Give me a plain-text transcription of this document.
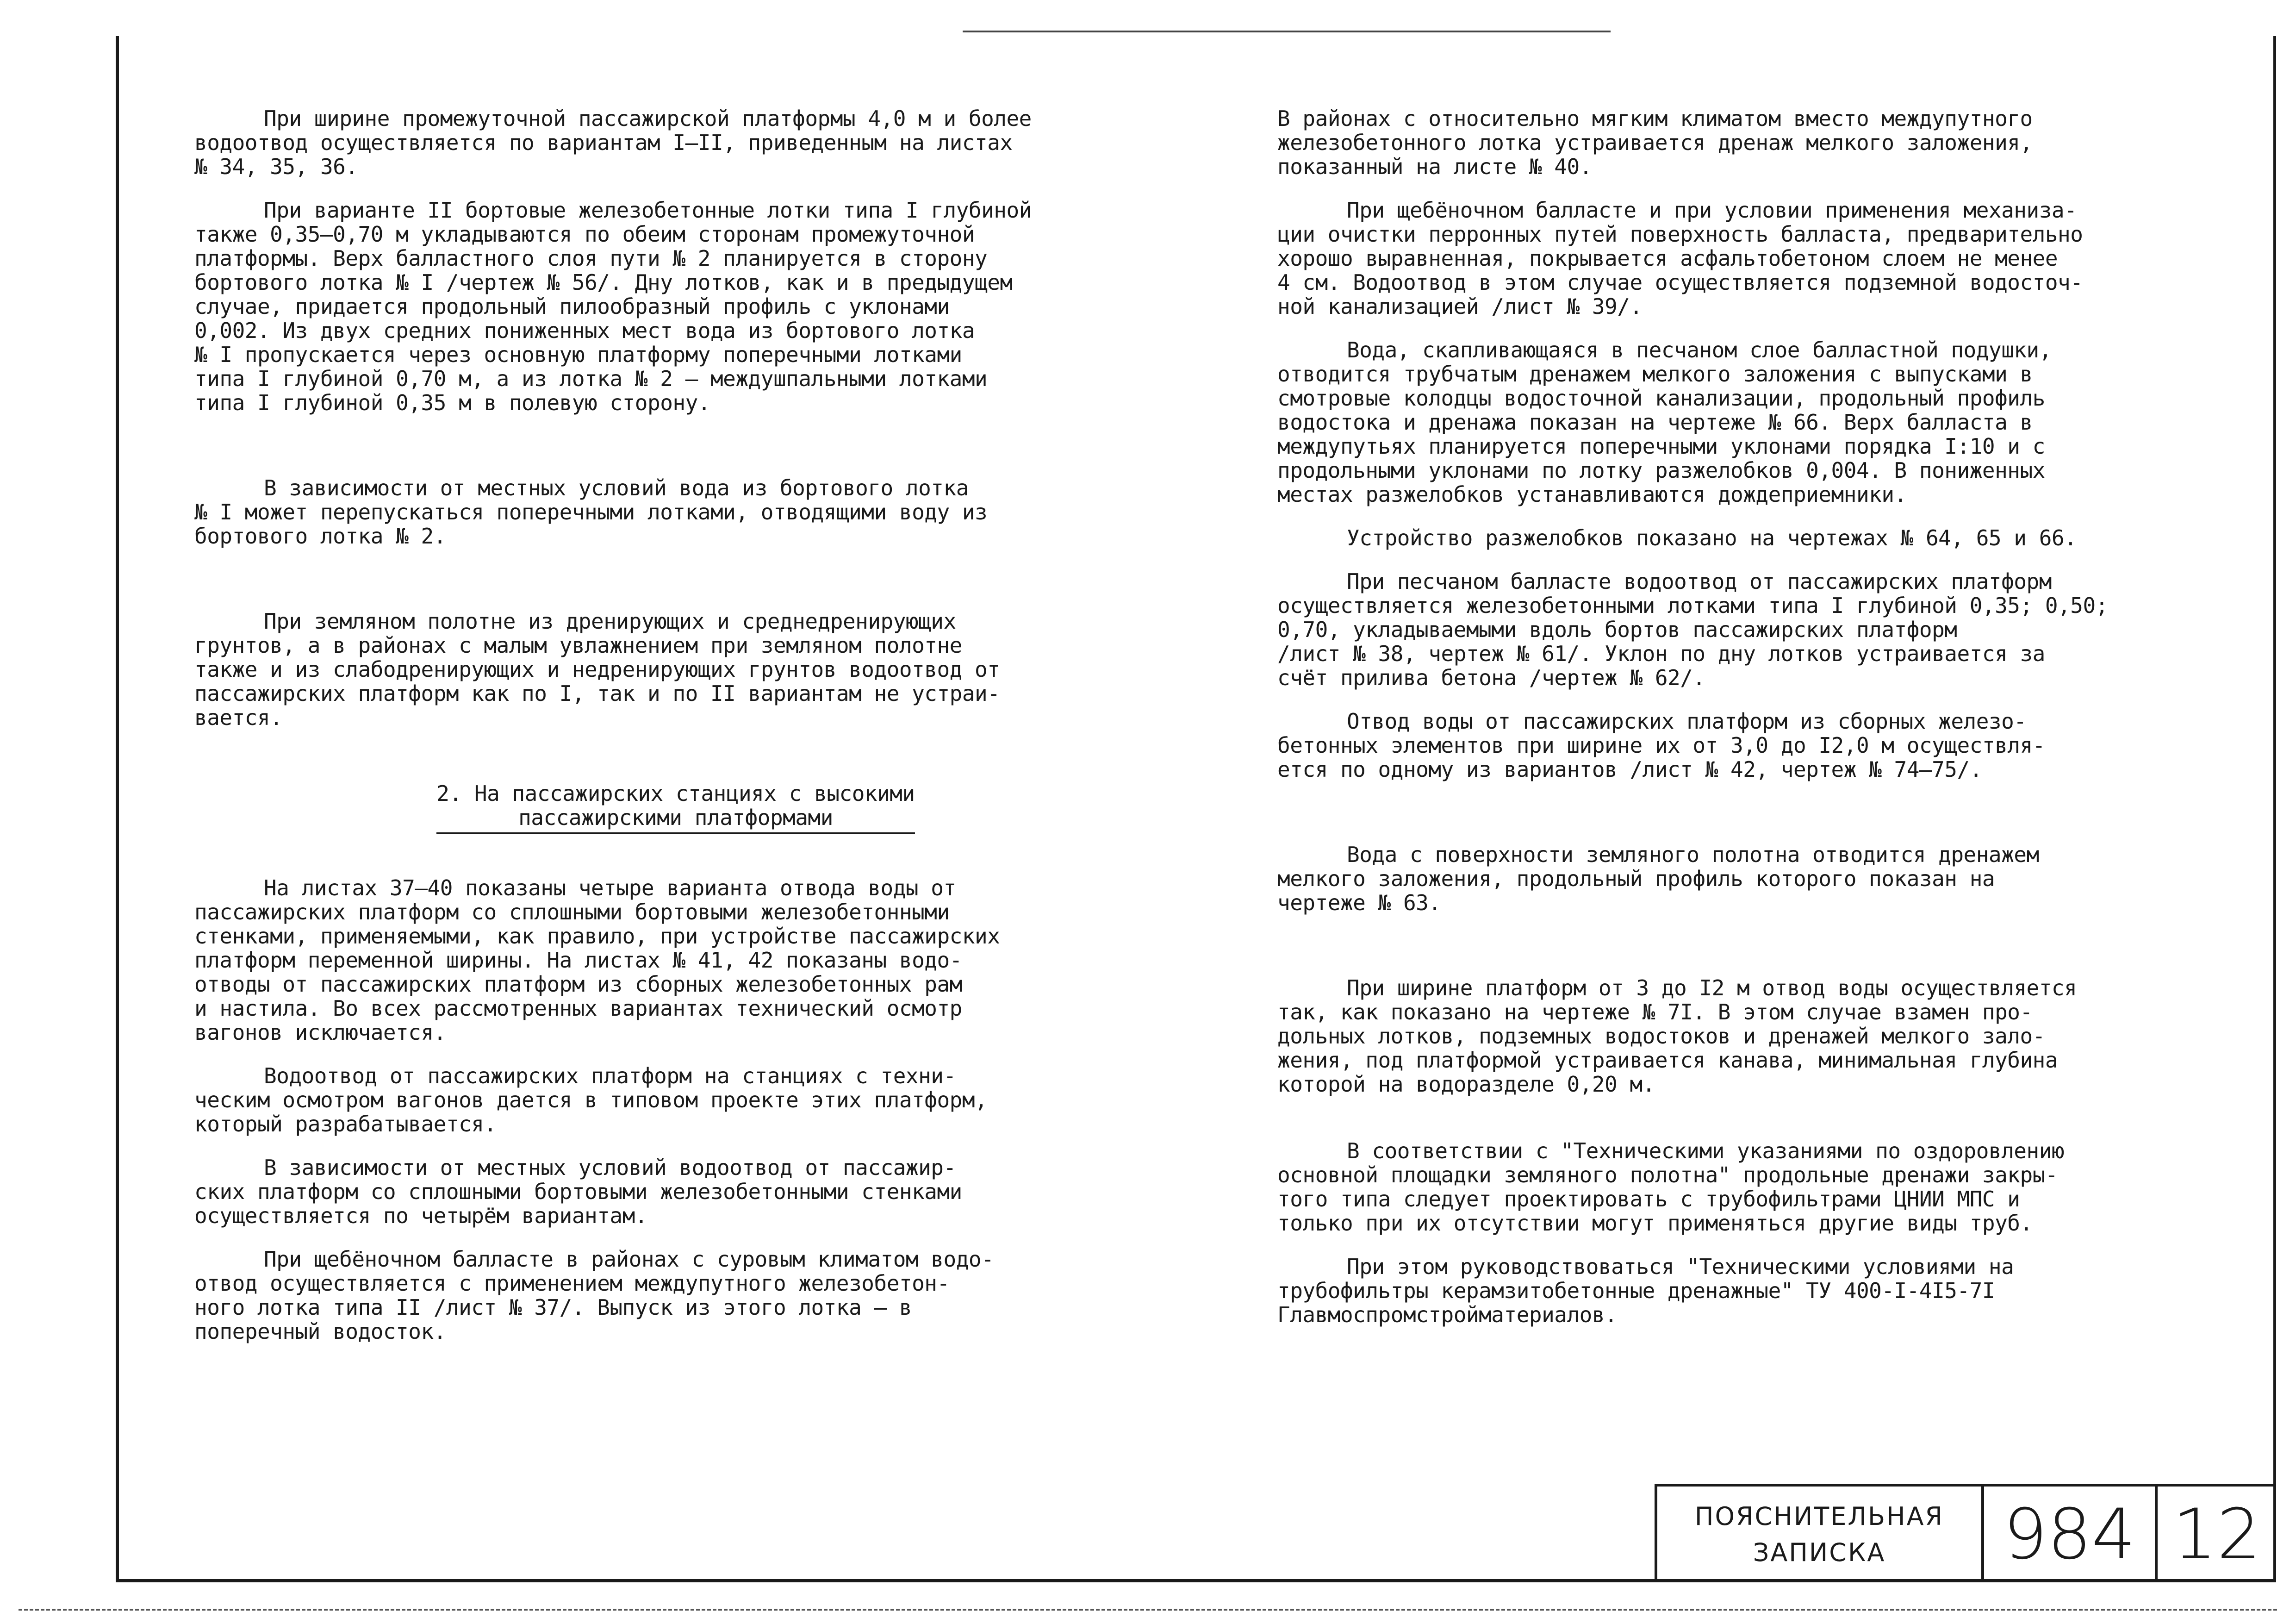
При ширине промежуточной пассажирской платформы 4,0 м и более
водоотвод осуществляется по вариантам I–II, приведенным на листах
№ 34, 35, 36.

При варианте II бортовые железобетонные лотки типа I глубиной
также 0,35–0,70 м укладываются по обеим сторонам промежуточной
платформы. Верх балластного слоя пути № 2 планируется в сторону
бортового лотка № I /чертеж № 56/. Дну лотков, как и в предыдущем
случае, придается продольный пилообразный профиль с уклонами
0,002. Из двух средних пониженных мест вода из бортового лотка
№ I пропускается через основную платформу поперечными лотками
типа I глубиной 0,70 м, а из лотка № 2 – междушпальными лотками
типа I глубиной 0,35 м в полевую сторону.

В зависимости от местных условий вода из бортового лотка
№ I может перепускаться поперечными лотками, отводящими воду из
бортового лотка № 2.

При земляном полотне из дренирующих и среднедренирующих
грунтов, а в районах с малым увлажнением при земляном полотне
также и из слабодренирующих и недренирующих грунтов водоотвод от
пассажирских платформ как по I, так и по II вариантам не устраи-
вается.

2. На пассажирских станциях с высокими
пассажирскими платформами

На листах 37–40 показаны четыре варианта отвода воды от
пассажирских платформ со сплошными бортовыми железобетонными
стенками, применяемыми, как правило, при устройстве пассажирских
платформ переменной ширины. На листах № 41, 42 показаны водо-
отводы от пассажирских платформ из сборных железобетонных рам
и настила. Во всех рассмотренных вариантах технический осмотр
вагонов исключается.

Водоотвод от пассажирских платформ на станциях с техни-
ческим осмотром вагонов дается в типовом проекте этих платформ,
который разрабатывается.

В зависимости от местных условий водоотвод от пассажир-
ских платформ со сплошными бортовыми железобетонными стенками
осуществляется по четырём вариантам.

При щебёночном балласте в районах с суровым климатом водо-
отвод осуществляется с применением междупутного железобетон-
ного лотка типа II /лист № 37/. Выпуск из этого лотка – в
поперечный водосток.

В районах с относительно мягким климатом вместо междупутного
железобетонного лотка устраивается дренаж мелкого заложения,
показанный на листе № 40.

При щебёночном балласте и при условии применения механиза-
ции очистки перронных путей поверхность балласта, предварительно
хорошо выравненная, покрывается асфальтобетоном слоем не менее
4 см. Водоотвод в этом случае осуществляется подземной водосточ-
ной канализацией /лист № 39/.

Вода, скапливающаяся в песчаном слое балластной подушки,
отводится трубчатым дренажем мелкого заложения с выпусками в
смотровые колодцы водосточной канализации, продольный профиль
водостока и дренажа показан на чертеже № 66. Верх балласта в
междупутьях планируется поперечными уклонами порядка I:10 и с
продольными уклонами по лотку разжелобков 0,004. В пониженных
местах разжелобков устанавливаются дождеприемники.

Устройство разжелобков показано на чертежах № 64, 65 и 66.

При песчаном балласте водоотвод от пассажирских платформ
осуществляется железобетонными лотками типа I глубиной 0,35; 0,50;
0,70, укладываемыми вдоль бортов пассажирских платформ
/лист № 38, чертеж № 61/. Уклон по дну лотков устраивается за
счёт прилива бетона /чертеж № 62/.

Отвод воды от пассажирских платформ из сборных железо-
бетонных элементов при ширине их от 3,0 до I2,0 м осуществля-
ется по одному из вариантов /лист № 42, чертеж № 74–75/.

Вода с поверхности земляного полотна отводится дренажем
мелкого заложения, продольный профиль которого показан на
чертеже № 63.

При ширине платформ от 3 до I2 м отвод воды осуществляется
так, как показано на чертеже № 7I. В этом случае взамен про-
дольных лотков, подземных водостоков и дренажей мелкого зало-
жения, под платформой устраивается канава, минимальная глубина
которой на водоразделе 0,20 м.

В соответствии с "Техническими указаниями по оздоровлению
основной площадки земляного полотна" продольные дренажи закры-
того типа следует проектировать с трубофильтрами ЦНИИ МПС и
только при их отсутствии могут применяться другие виды труб.

При этом руководствоваться "Техническими условиями на
трубофильтры керамзитобетонные дренажные" ТУ 400-I-4I5-7I
Главмоспромстройматериалов.

ПОЯСНИТЕЛЬНАЯ
ЗАПИСКА 984 12
